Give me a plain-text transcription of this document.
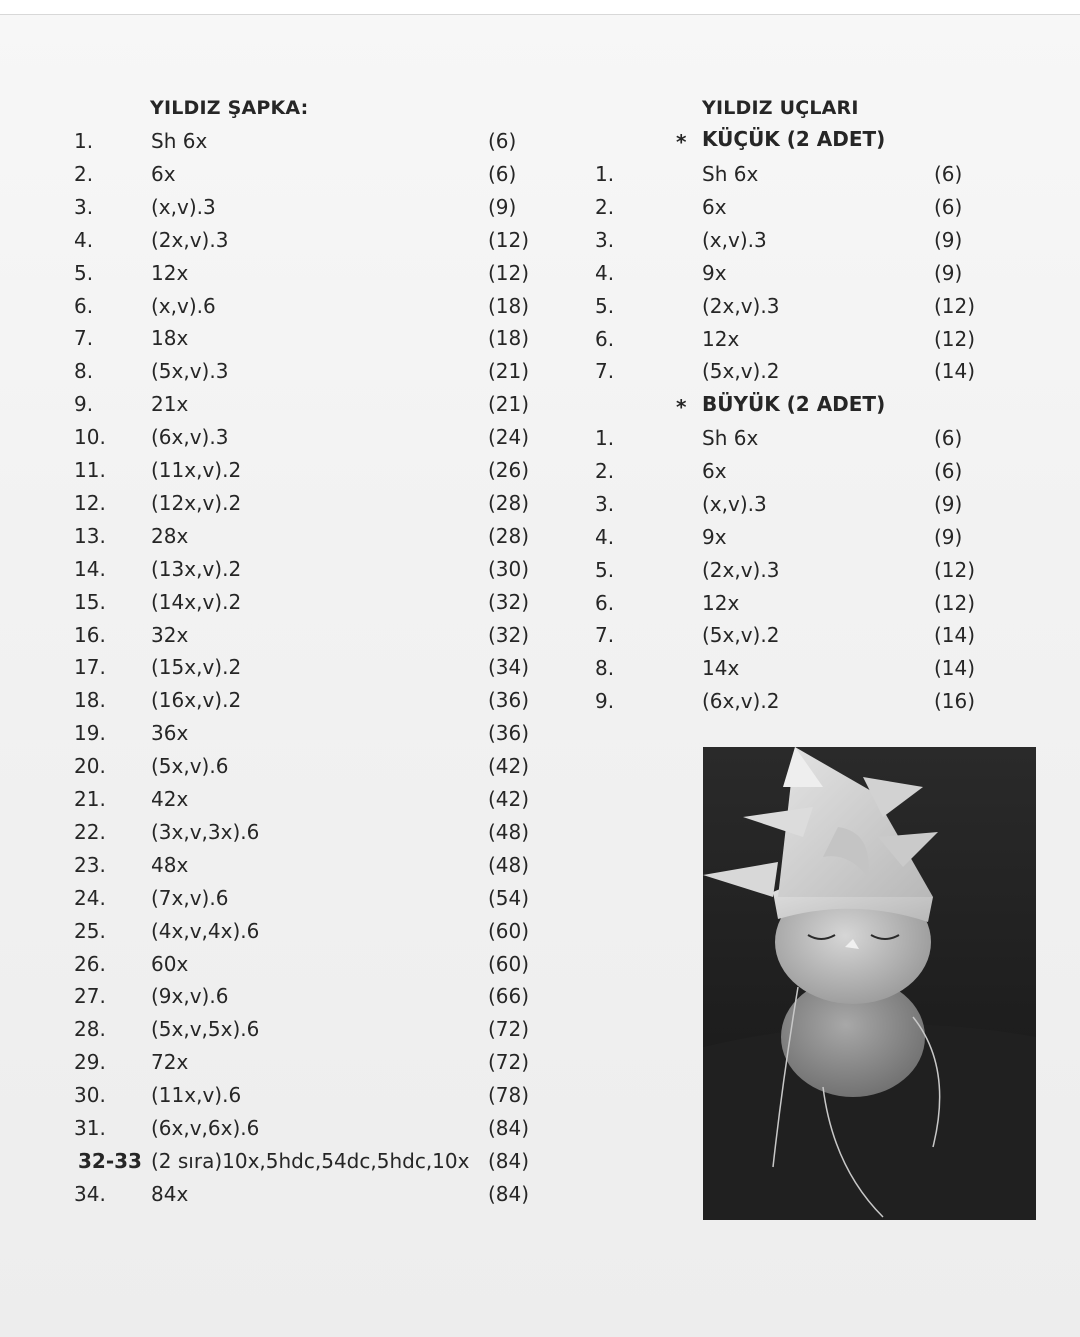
YILDIZ ŞAPKA:
1.	Sh 6x	(6)
2.	6x	(6)
3.	(x,v).3	(9)
4.	(2x,v).3	(12)
5.	12x	(12)
6.	(x,v).6	(18)
7.	18x	(18)
8.	(5x,v).3	(21)
9.	21x	(21)
10. (6x,v).3	(24)
11. (11x,v).2	(26)
12. (12x,v).2	(28)
13. 28x	(28)
14. (13x,v).2	(30)
15. (14x,v).2	(32)
16. 32x	(32)
17. (15x,v).2	(34)
18. (16x,v).2	(36)
19. 36x	(36)
20. (5x,v).6	(42)
21. 42x	(42)
22. (3x,v,3x).6	(48)
23. 48x	(48)
24. (7x,v).6	(54)
25. (4x,v,4x).6	(60)
26. 60x	(60)
27. (9x,v).6	(66)
28. (5x,v,5x).6	(72)
29. 72x	(72)
30. (11x,v).6	(78)
31. (6x,v,6x).6	(84)
32-33 (2 sıra)10x,5hdc,54dc,5hdc,10x (84)
34. 84x	(84)
YILDIZ UÇLARI
* KÜÇÜK (2 ADET)
1.	Sh 6x	(6)
2.	6x	(6)
3.	(x,v).3	(9)
4.	9x	(9)
5.	(2x,v).3	(12)
6.	12x	(12)
7.	(5x,v).2	(14)
* BÜYÜK (2 ADET)
1.	Sh 6x	(6)
2.	6x	(6)
3.	(x,v).3	(9)
4.	9x	(9)
5.	(2x,v).3	(12)
6.	12x	(12)
7.	(5x,v).2	(14)
8.	14x	(14)
9.	(6x,v).2	(16)
